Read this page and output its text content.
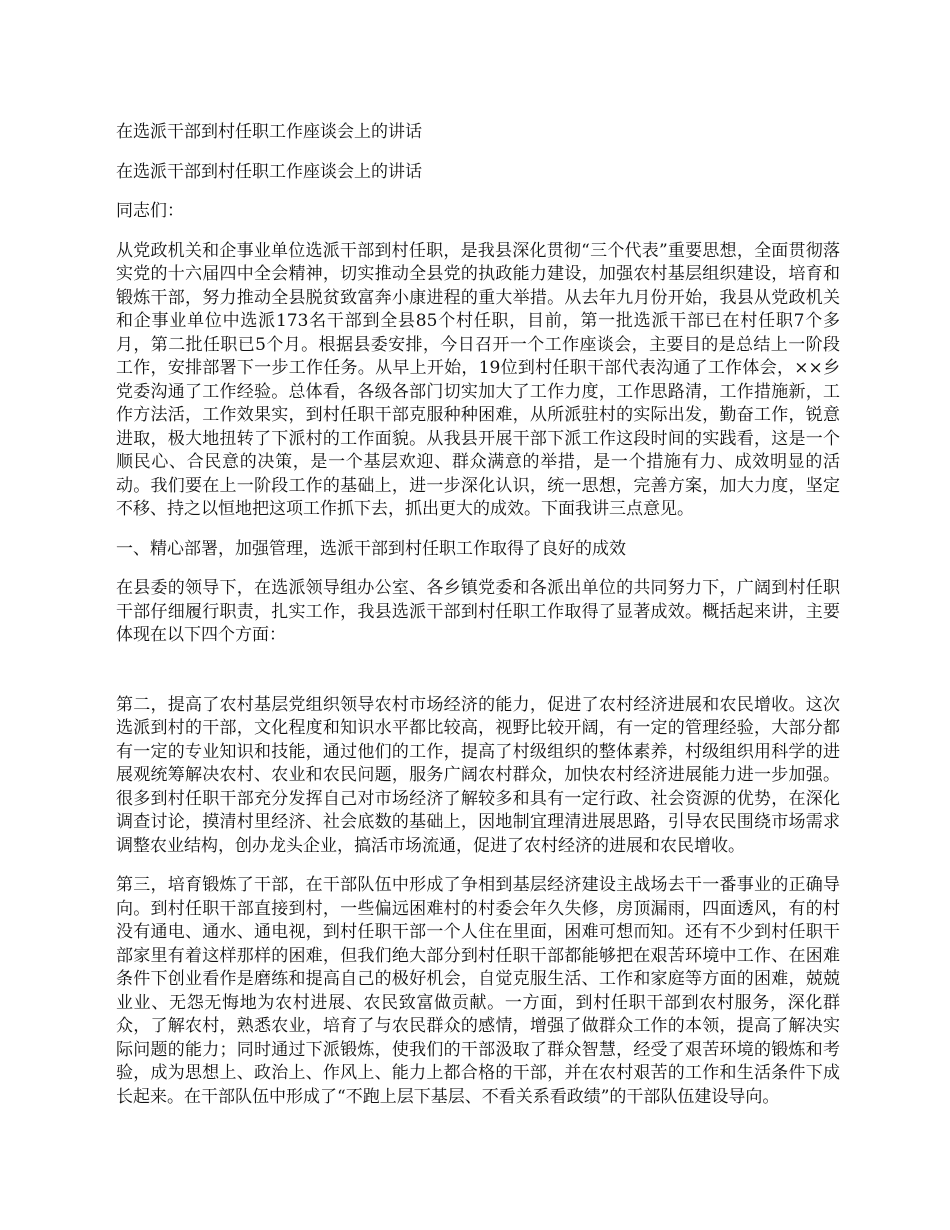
在选派干部到村任职工作座谈会上的讲话

在选派干部到村任职工作座谈会上的讲话

同志们：

从党政机关和企事业单位选派干部到村任职，是我县深化贯彻“三个代表”重要思想，全面贯彻落实党的十六届四中全会精神，切实推动全县党的执政能力建设，加强农村基层组织建设，培育和锻炼干部，努力推动全县脱贫致富奔小康进程的重大举措。从去年九月份开始，我县从党政机关和企事业单位中选派173名干部到全县85个村任职，目前，第一批选派干部已在村任职7个多月，第二批任职已5个月。根据县委安排，今日召开一个工作座谈会，主要目的是总结上一阶段工作，安排部署下一步工作任务。从早上开始，19位到村任职干部代表沟通了工作体会，××乡党委沟通了工作经验。总体看，各级各部门切实加大了工作力度，工作思路清，工作措施新，工作方法活，工作效果实，到村任职干部克服种种困难，从所派驻村的实际出发，勤奋工作，锐意进取，极大地扭转了下派村的工作面貌。从我县开展干部下派工作这段时间的实践看，这是一个顺民心、合民意的决策，是一个基层欢迎、群众满意的举措，是一个措施有力、成效明显的活动。我们要在上一阶段工作的基础上，进一步深化认识，统一思想，完善方案，加大力度，坚定不移、持之以恒地把这项工作抓下去，抓出更大的成效。下面我讲三点意见。

一、精心部署，加强管理，选派干部到村任职工作取得了良好的成效

在县委的领导下，在选派领导组办公室、各乡镇党委和各派出单位的共同努力下，广阔到村任职干部仔细履行职责，扎实工作，我县选派干部到村任职工作取得了显著成效。概括起来讲，主要体现在以下四个方面：

第二，提高了农村基层党组织领导农村市场经济的能力，促进了农村经济进展和农民增收。这次选派到村的干部，文化程度和知识水平都比较高，视野比较开阔，有一定的管理经验，大部分都有一定的专业知识和技能，通过他们的工作，提高了村级组织的整体素养，村级组织用科学的进展观统筹解决农村、农业和农民问题，服务广阔农村群众，加快农村经济进展能力进一步加强。很多到村任职干部充分发挥自己对市场经济了解较多和具有一定行政、社会资源的优势，在深化调查讨论，摸清村里经济、社会底数的基础上，因地制宜理清进展思路，引导农民围绕市场需求调整农业结构，创办龙头企业，搞活市场流通，促进了农村经济的进展和农民增收。

第三，培育锻炼了干部，在干部队伍中形成了争相到基层经济建设主战场去干一番事业的正确导向。到村任职干部直接到村，一些偏远困难村的村委会年久失修，房顶漏雨，四面透风，有的村没有通电、通水、通电视，到村任职干部一个人住在里面，困难可想而知。还有不少到村任职干部家里有着这样那样的困难，但我们绝大部分到村任职干部都能够把在艰苦环境中工作、在困难条件下创业看作是磨练和提高自己的极好机会，自觉克服生活、工作和家庭等方面的困难，兢兢业业、无怨无悔地为农村进展、农民致富做贡献。一方面，到村任职干部到农村服务，深化群众，了解农村，熟悉农业，培育了与农民群众的感情，增强了做群众工作的本领，提高了解决实际问题的能力；同时通过下派锻炼，使我们的干部汲取了群众智慧，经受了艰苦环境的锻炼和考验，成为思想上、政治上、作风上、能力上都合格的干部，并在农村艰苦的工作和生活条件下成长起来。在干部队伍中形成了“不跑上层下基层、不看关系看政绩”的干部队伍建设导向。
